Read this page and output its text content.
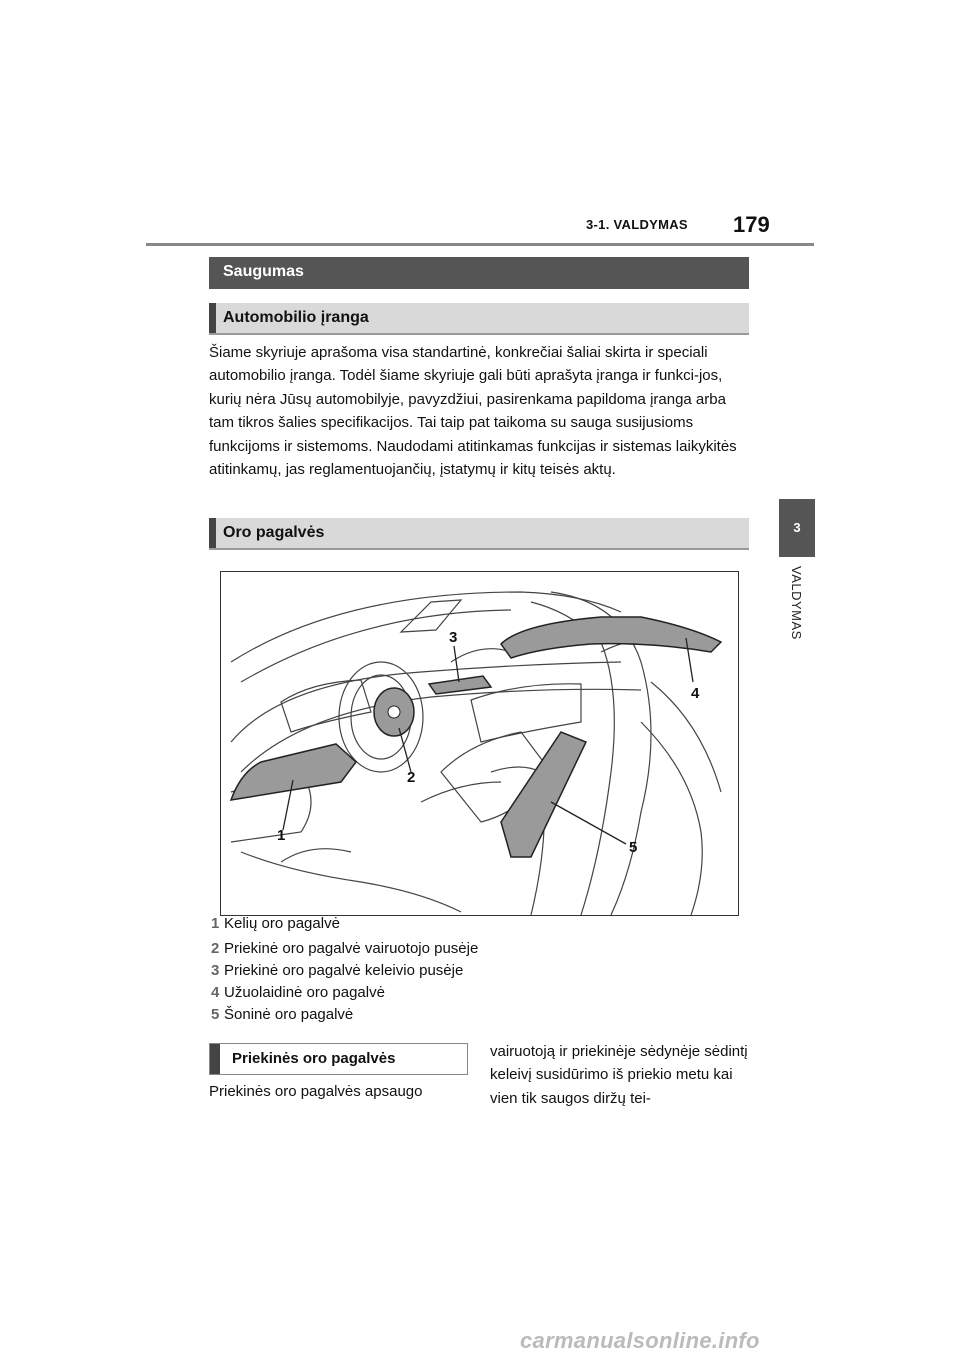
3-1. VALDYMAS 179
3
VALDYMAS
Saugumas
Automobilio įranga
Šiame skyriuje aprašoma visa standartinė, konkrečiai šaliai skirta ir speciali automobilio įranga. Todėl šiame skyriuje gali būti aprašyta įranga ir funkci-jos, kurių nėra Jūsų automobilyje, pavyzdžiui, pasirenkama papildoma įranga arba tam tikros šalies specifikacijos. Tai taip pat taikoma su sauga susijusioms funkcijoms ir sistemoms. Naudodami atitinkamas funkcijas ir sistemas laikykitės atitinkamų, jas reglamentuojančių, įstatymų ir kitų teisės aktų.
Oro pagalvės
1
2
3
4
5
1 Kelių oro pagalvė
2 Priekinė oro pagalvė vairuotojo pusėje
3 Priekinė oro pagalvė keleivio pusėje
4 Užuolaidinė oro pagalvė
5 Šoninė oro pagalvė
Priekinės oro pagalvės
Priekinės oro pagalvės apsaugo
vairuotoją ir priekinėje sėdynėje sėdintį keleivį susidūrimo iš priekio metu kai vien tik saugos diržų tei-
carmanualsonline.info
